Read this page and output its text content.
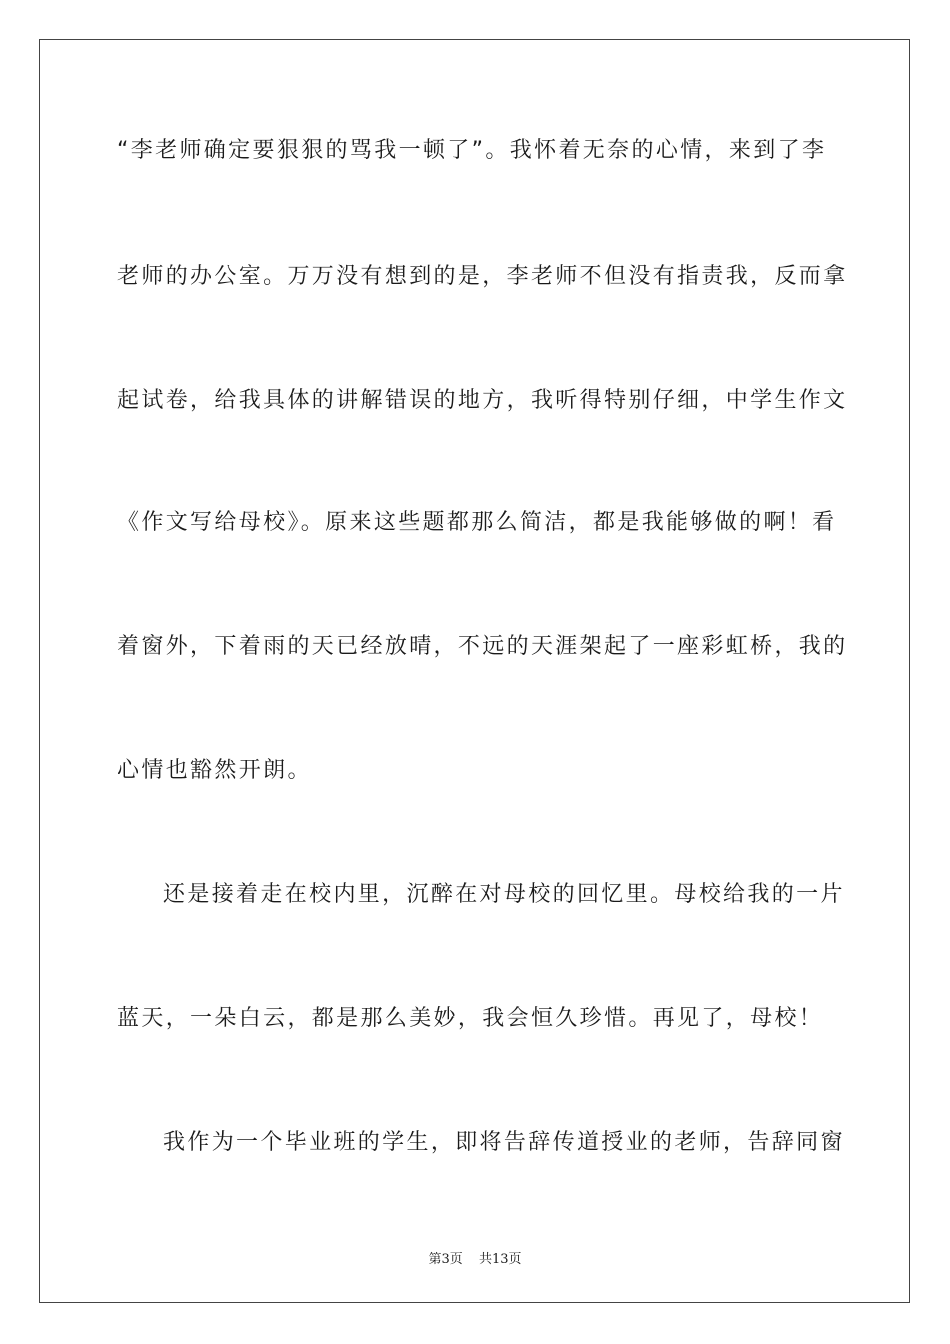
“李老师确定要狠狠的骂我一顿了”。我怀着无奈的心情，来到了李
老师的办公室。万万没有想到的是，李老师不但没有指责我，反而拿
起试卷，给我具体的讲解错误的地方，我听得特别仔细，中学生作文
《作文写给母校》。原来这些题都那么简洁，都是我能够做的啊！看
着窗外，下着雨的天已经放晴，不远的天涯架起了一座彩虹桥，我的
心情也豁然开朗。
还是接着走在校内里，沉醉在对母校的回忆里。母校给我的一片
蓝天，一朵白云，都是那么美妙，我会恒久珍惜。再见了，母校！
我作为一个毕业班的学生，即将告辞传道授业的老师，告辞同窗
第3页 共13页
